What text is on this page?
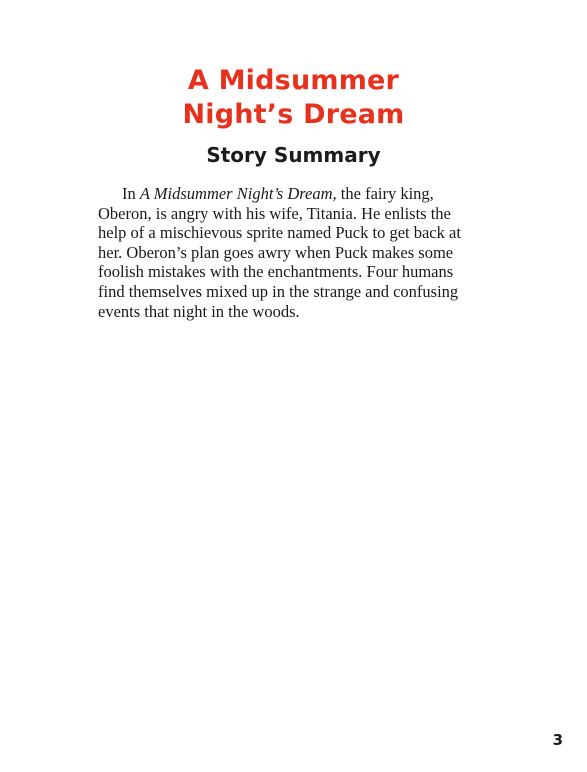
A Midsummer
Night’s Dream
Story Summary
In A Midsummer Night’s Dream, the fairy king,
Oberon, is angry with his wife, Titania. He enlists the
help of a mischievous sprite named Puck to get back at
her. Oberon’s plan goes awry when Puck makes some
foolish mistakes with the enchantments. Four humans
find themselves mixed up in the strange and confusing
events that night in the woods.
3
